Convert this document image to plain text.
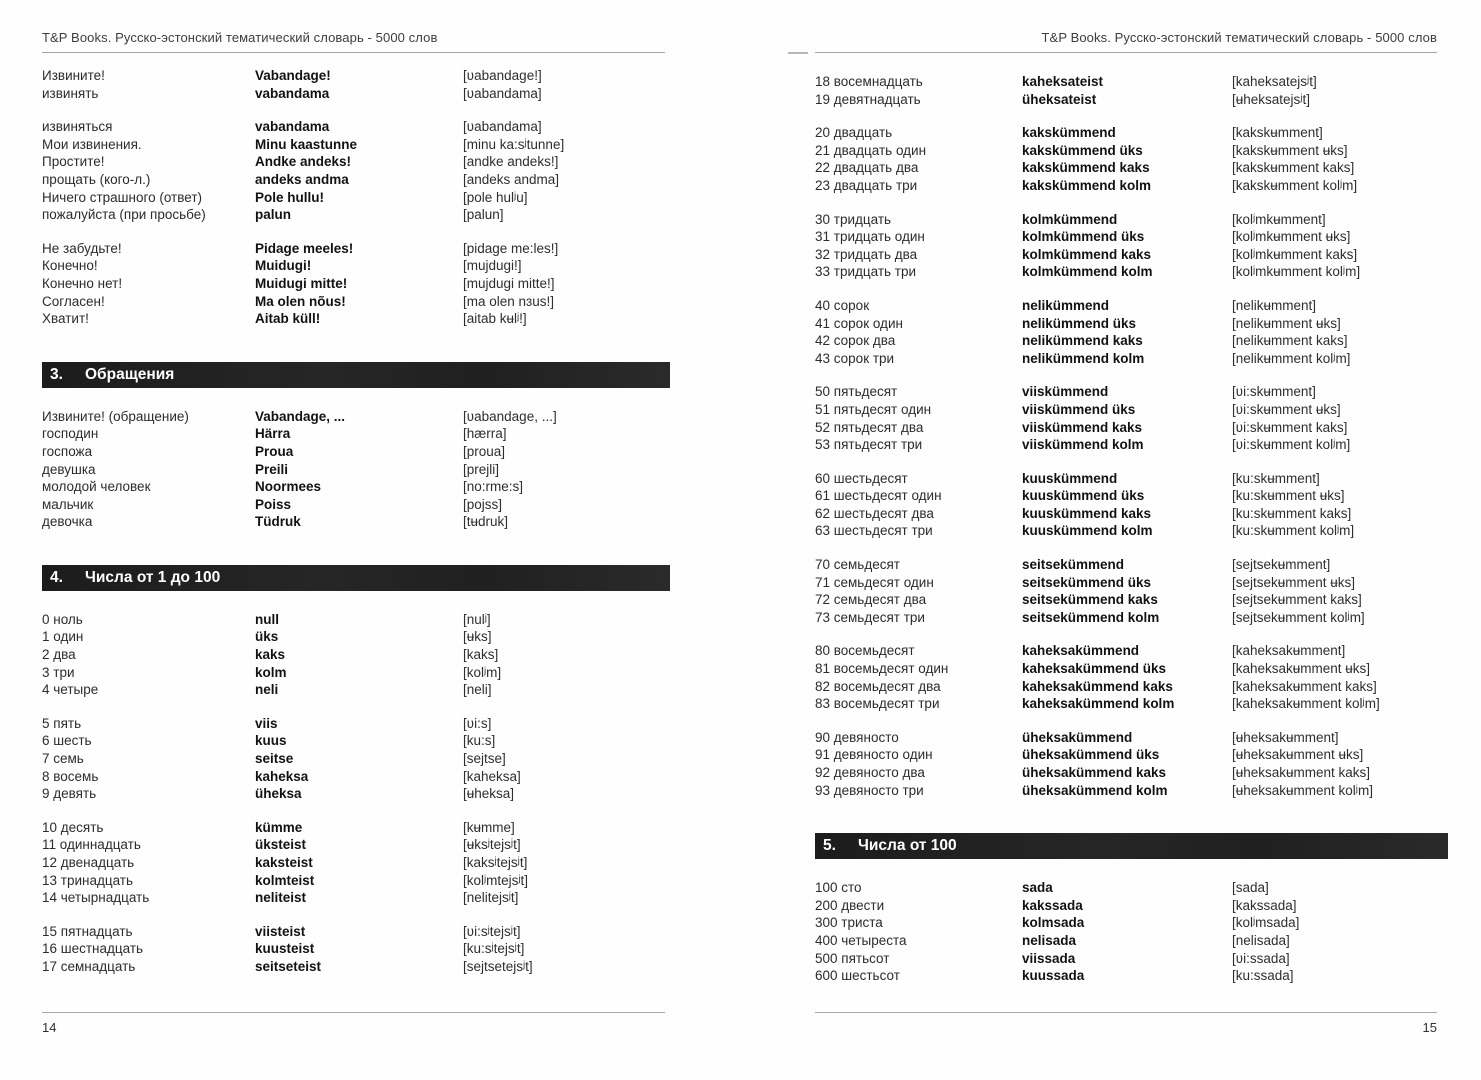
T&P Books. Русско-эстонский тематический словарь - 5000 слов
Извините!	Vabandage!	[ʋabandage!]
извинять	vabandama	[ʋabandama]
извиняться	vabandama	[ʋabandama]
Мои извинения.	Minu kaastunne	[minu ka:sʲtunne]
Простите!	Andke andeks!	[andke andeks!]
прощать (кого-л.)	andeks andma	[andeks andma]
Ничего страшного (ответ)	Pole hullu!	[pole hulʲu]
пожалуйста (при просьбе)	palun	[palun]
Не забудьте!	Pidage meeles!	[pidage me:les!]
Конечно!	Muidugi!	[mujdugi!]
Конечно нет!	Muidugi mitte!	[mujdugi mitte!]
Согласен!	Ma olen nõus!	[ma olen nɜus!]
Хватит!	Aitab küll!	[aitab kʉlʲ!]
3.	Обращения
Извините! (обращение)	Vabandage, ...	[ʋabandage, ...]
господин	Härra	[hærra]
госпожа	Proua	[proua]
девушка	Preili	[prejli]
молодой человек	Noormees	[no:rme:s]
мальчик	Poiss	[pojss]
девочка	Tüdruk	[tʉdruk]
4.	Числа от 1 до 100
0 ноль	null	[nulʲ]
1 один	üks	[ʉks]
2 два	kaks	[kaks]
3 три	kolm	[kolʲm]
4 четыре	neli	[neli]
5 пять	viis	[ʋi:s]
6 шесть	kuus	[ku:s]
7 семь	seitse	[sejtse]
8 восемь	kaheksa	[kaheksa]
9 девять	üheksa	[ʉheksa]
10 десять	kümme	[kʉmme]
11 одиннадцать	üksteist	[ʉksʲtejsʲt]
12 двенадцать	kaksteist	[kaksʲtejsʲt]
13 тринадцать	kolmteist	[kolʲmtejsʲt]
14 четырнадцать	neliteist	[nelitejsʲt]
15 пятнадцать	viisteist	[ʋi:sʲtejsʲt]
16 шестнадцать	kuusteist	[ku:sʲtejsʲt]
17 семнадцать	seitseteist	[sejtsetejsʲt]
14
T&P Books. Русско-эстонский тематический словарь - 5000 слов
18 восемнадцать	kaheksateist	[kaheksatejsʲt]
19 девятнадцать	üheksateist	[ʉheksatejsʲt]
20 двадцать	kakskümmend	[kakskʉmment]
21 двадцать один	kakskümmend üks	[kakskʉmment ʉks]
22 двадцать два	kakskümmend kaks	[kakskʉmment kaks]
23 двадцать три	kakskümmend kolm	[kakskʉmment kolʲm]
30 тридцать	kolmkümmend	[kolʲmkʉmment]
31 тридцать один	kolmkümmend üks	[kolʲmkʉmment ʉks]
32 тридцать два	kolmkümmend kaks	[kolʲmkʉmment kaks]
33 тридцать три	kolmkümmend kolm	[kolʲmkʉmment kolʲm]
40 сорок	nelikümmend	[nelikʉmment]
41 сорок один	nelikümmend üks	[nelikʉmment ʉks]
42 сорок два	nelikümmend kaks	[nelikʉmment kaks]
43 сорок три	nelikümmend kolm	[nelikʉmment kolʲm]
50 пятьдесят	viiskümmend	[ʋi:skʉmment]
51 пятьдесят один	viiskümmend üks	[ʋi:skʉmment ʉks]
52 пятьдесят два	viiskümmend kaks	[ʋi:skʉmment kaks]
53 пятьдесят три	viiskümmend kolm	[ʋi:skʉmment kolʲm]
60 шестьдесят	kuuskümmend	[ku:skʉmment]
61 шестьдесят один	kuuskümmend üks	[ku:skʉmment ʉks]
62 шестьдесят два	kuuskümmend kaks	[ku:skʉmment kaks]
63 шестьдесят три	kuuskümmend kolm	[ku:skʉmment kolʲm]
70 семьдесят	seitsekümmend	[sejtsekʉmment]
71 семьдесят один	seitsekümmend üks	[sejtsekʉmment ʉks]
72 семьдесят два	seitsekümmend kaks	[sejtsekʉmment kaks]
73 семьдесят три	seitsekümmend kolm	[sejtsekʉmment kolʲm]
80 восемьдесят	kaheksakümmend	[kaheksakʉmment]
81 восемьдесят один	kaheksakümmend üks	[kaheksakʉmment ʉks]
82 восемьдесят два	kaheksakümmend kaks	[kaheksakʉmment kaks]
83 восемьдесят три	kaheksakümmend kolm	[kaheksakʉmment kolʲm]
90 девяносто	üheksakümmend	[ʉheksakʉmment]
91 девяносто один	üheksakümmend üks	[ʉheksakʉmment ʉks]
92 девяносто два	üheksakümmend kaks	[ʉheksakʉmment kaks]
93 девяносто три	üheksakümmend kolm	[ʉheksakʉmment kolʲm]
5.	Числа от 100
100 сто	sada	[sada]
200 двести	kakssada	[kakssada]
300 триста	kolmsada	[kolʲmsada]
400 четыреста	nelisada	[nelisada]
500 пятьсот	viissada	[ʋi:ssada]
600 шестьсот	kuussada	[ku:ssada]
15
